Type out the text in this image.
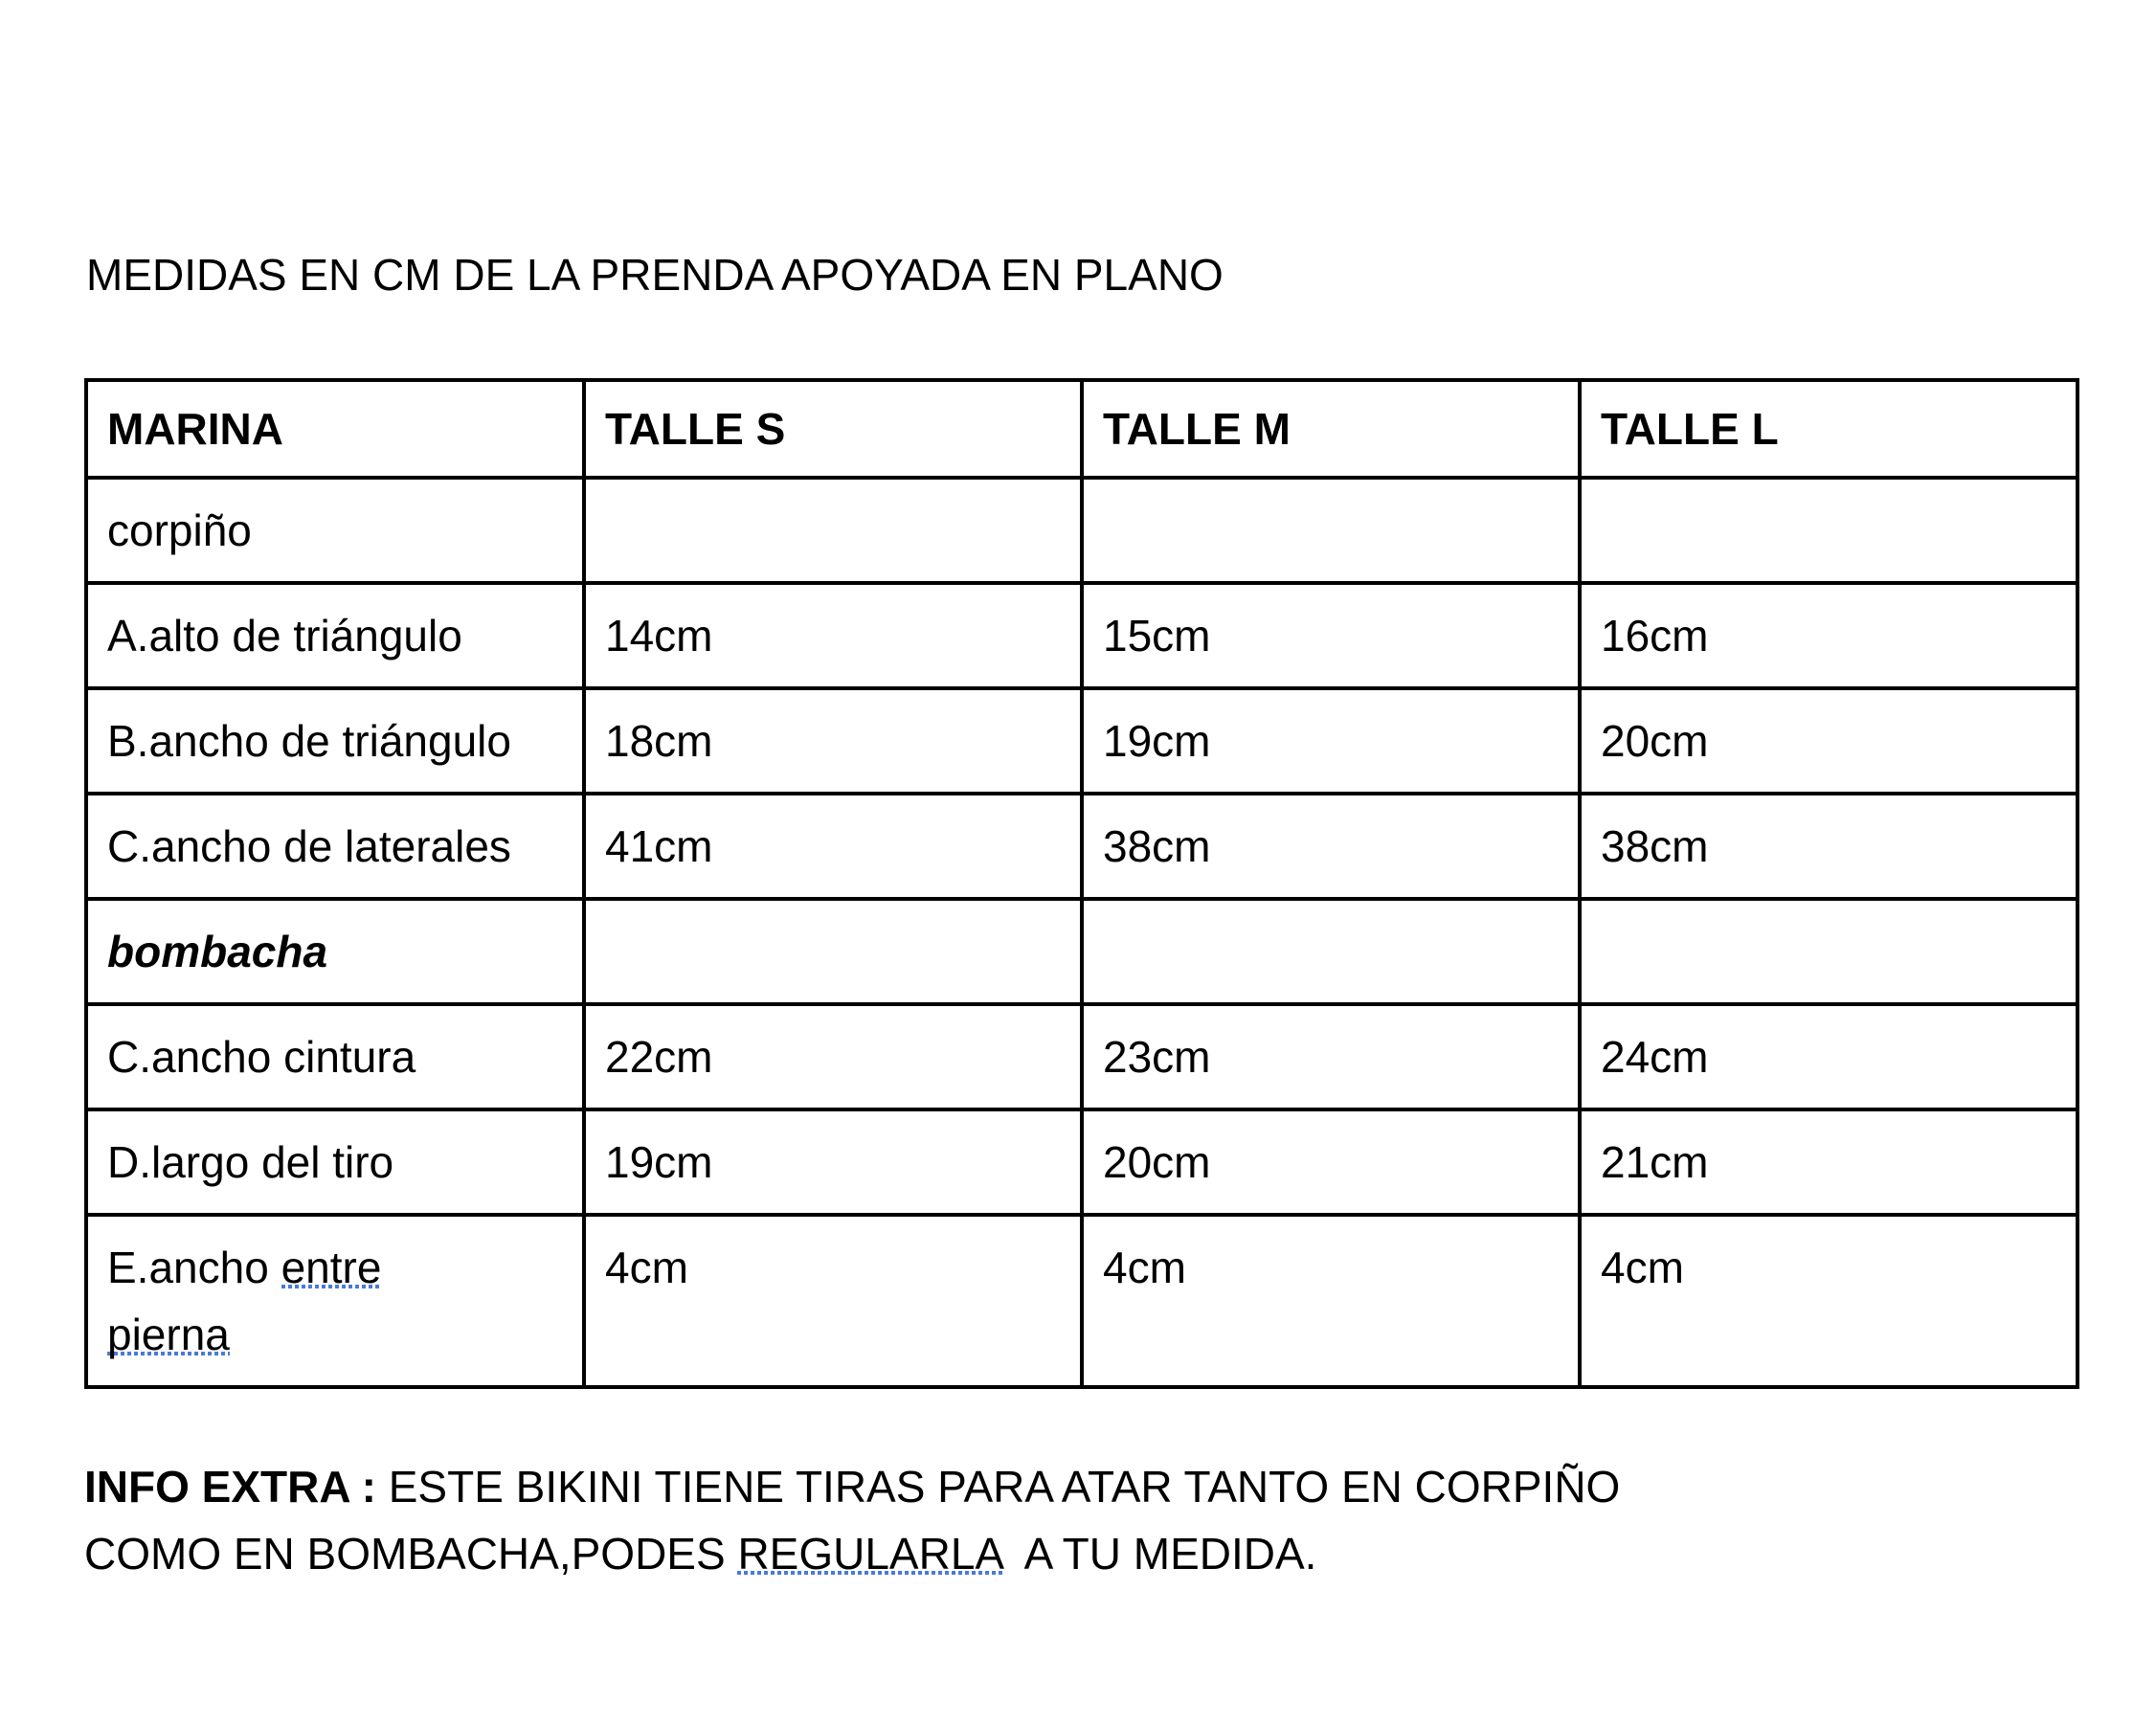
MEDIDAS EN CM DE LA PRENDA APOYADA EN PLANO
MARINA	TALLE S	TALLE M	TALLE L
corpiño			
A.alto de triángulo	14cm	15cm	16cm
B.ancho de triángulo	18cm	19cm	20cm
C.ancho de laterales	41cm	38cm	38cm
bombacha			
C.ancho cintura	22cm	23cm	24cm
D.largo del tiro	19cm	20cm	21cm
E.ancho entre
pierna	4cm	4cm	4cm
INFO EXTRA : ESTE BIKINI TIENE TIRAS PARA ATAR TANTO EN CORPIÑO
COMO EN BOMBACHA,PODES REGULARLA  A TU MEDIDA.
